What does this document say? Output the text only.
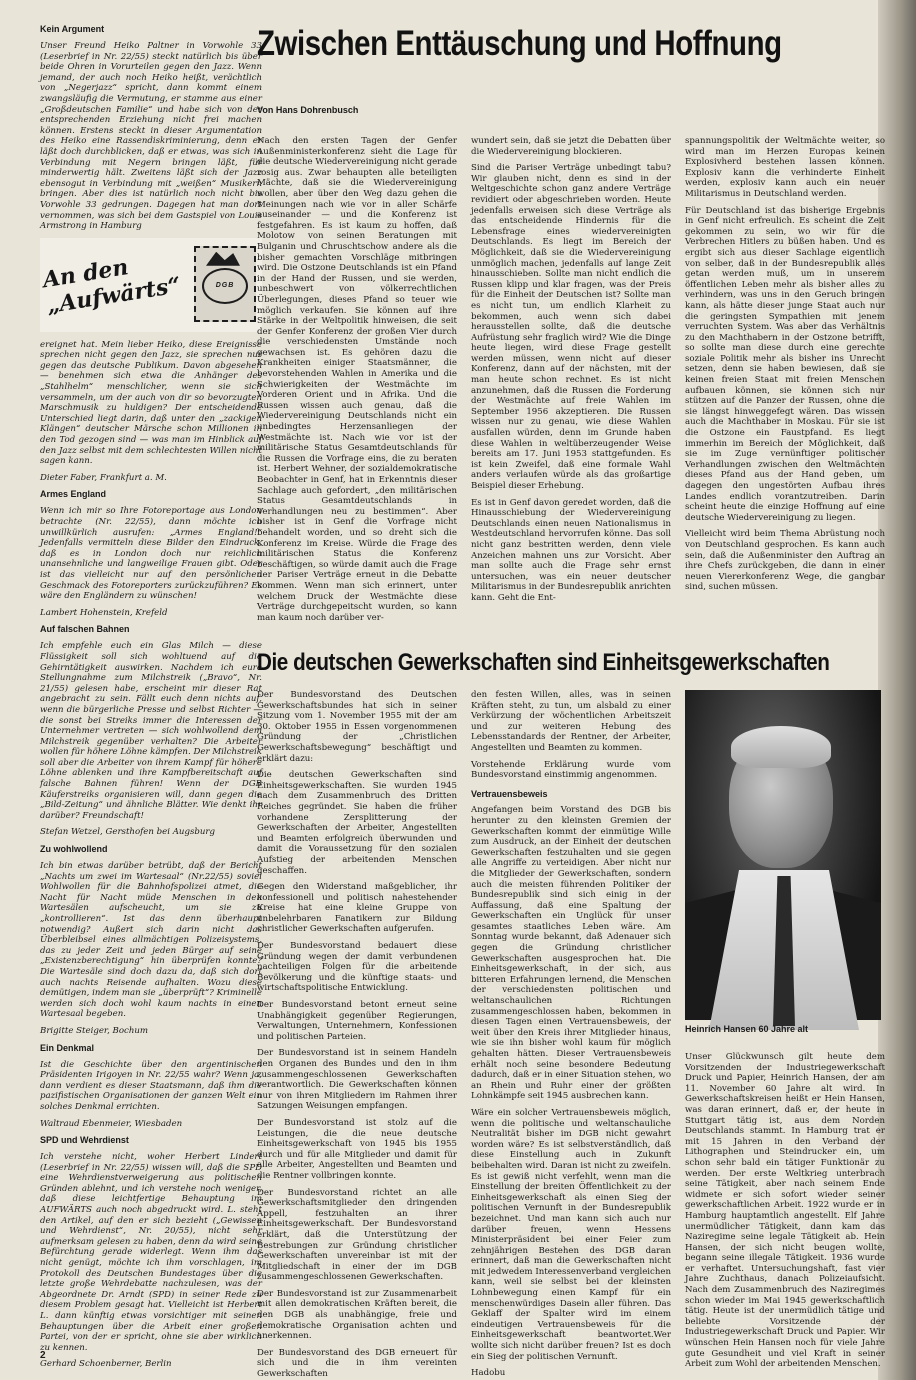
Kein Argument

Unser Freund Heiko Paltner in Vorwohle 33 (Leserbrief in Nr. 22/55) steckt natürlich bis über beide Ohren in Vorurteilen gegen den Jazz. Wenn jemand, der auch noch Heiko heißt, verächtlich von „Negerjazz“ spricht, dann kommt einem zwangsläufig die Vermutung, er stamme aus einer „Großdeutschen Familie“ und habe sich von der entsprechenden Erziehung nicht frei machen können. Erstens steckt in dieser Argumentation des Heiko eine Rassendiskriminierung, denn er läßt doch durchblicken, daß er etwas, was sich in Verbindung mit Negern bringen läßt, für minderwertig hält. Zweitens läßt sich der Jazz ebensogut in Verbindung mit „weißen“ Musikern bringen. Aber dies ist natürlich noch nicht bis Vorwohle 33 gedrungen. Dagegen hat man dort vernommen, was sich bei dem Gastspiel von Louis Armstrong in Hamburg

An den
„Aufwärts“	DGB

ereignet hat. Mein lieber Heiko, diese Ereignisse sprechen nicht gegen den Jazz, sie sprechen nur gegen das deutsche Publikum. Davon abgesehen — benehmen sich etwa die Anhänger des „Stahlhelm“ menschlicher, wenn sie sich versammeln, um der auch von dir so bevorzugten Marschmusik zu huldigen? Der entscheidende Unterschied liegt darin, daß unter den „zackigen Klängen“ deutscher Märsche schon Millionen in den Tod gezogen sind — was man im Hinblick auf den Jazz selbst mit dem schlechtesten Willen nicht sagen kann.

Dieter Faber, Frankfurt a. M.

Armes England

Wenn ich mir so Ihre Fotoreportage aus London betrachte (Nr. 22/55), dann möchte ich unwillkürlich ausrufen: „Armes England!“ Jedenfalls vermitteln diese Bilder den Eindruck, daß es in London doch nur reichlich unansehnliche und langweilige Frauen gibt. Oder ist das vielleicht nur auf den persönlichen Geschmack des Fotoreporters zurückzuführen? Es wäre den Engländern zu wünschen!

Lambert Hohenstein, Krefeld

Auf falschen Bahnen

Ich empfehle euch ein Glas Milch — diese Flüssigkeit soll sich wohltuend auf die Gehirntätigkeit auswirken. Nachdem ich eure Stellungnahme zum Milchstreik („Bravo“, Nr. 21/55) gelesen habe, erscheint mir dieser Rat angebracht zu sein. Fällt euch denn nichts auf, wenn die bürgerliche Presse und selbst Richter — die sonst bei Streiks immer die Interessen der Unternehmer vertreten — sich wohlwollend dem Milchstreik gegenüber verhalten? Die Arbeiter wollen für höhere Löhne kämpfen. Der Milchstreik soll aber die Arbeiter von ihrem Kampf für höhere Löhne ablenken und ihre Kampfbereitschaft auf falsche Bahnen führen! Wenn der DGB Käuferstreiks organisieren will, dann gegen die „Bild-Zeitung“ und ähnliche Blätter. Wie denkt ihr darüber? Freundschaft!

Stefan Wetzel, Gersthofen bei Augsburg

Zu wohlwollend

Ich bin etwas darüber betrübt, daß der Bericht „Nachts um zwei im Wartesaal“ (Nr.22/55) soviel Wohlwollen für die Bahnhofspolizei atmet, die Nacht für Nacht müde Menschen in den Wartesälen aufscheucht, um sie zu „kontrollieren“. Ist das denn überhaupt notwendig? Außert sich darin nicht das Überbleibsel eines allmächtigen Polizeisystems, das zu jeder Zeit und jeden Bürger auf seine „Existenzberechtigung“ hin überprüfen konnte? Die Wartesäle sind doch dazu da, daß sich dort auch nachts Reisende aufhalten. Wozu diese demütigen, indem man sie „überprüft“? Kriminelle werden sich doch wohl kaum nachts in einen Wartesaal begeben.

Brigitte Steiger, Bochum

Ein Denkmal

Ist die Geschichte über den argentinischen Präsidenten Irigoyen in Nr. 22/55 wahr? Wenn ja, dann verdient es dieser Staatsmann, daß ihm die pazifistischen Organisationen der ganzen Welt ein solches Denkmal errichten.

Waltraud Ebenmeier, Wiesbaden

SPD und Wehrdienst

Ich verstehe nicht, woher Herbert Lindert (Leserbrief in Nr. 22/55) wissen will, daß die SPD eine Wehrdienstverweigerung aus politischen Gründen ablehnt, und ich verstehe noch weniger, daß diese leichtfertige Behauptung im AUFWÄRTS auch noch abgedruckt wird. L. steht den Artikel, auf den er sich bezieht („Gewissen und Wehrdienst“, Nr. 20/55), nicht sehr aufmerksam gelesen zu haben, denn da wird seine Befürchtung gerade widerlegt. Wenn ihm das nicht genügt, möchte ich ihm vorschlagen, im Protokoll des Deutschen Bundestages über die letzte große Wehrdebatte nachzulesen, was der Abgeordnete Dr. Arndt (SPD) in seiner Rede zu diesem Problem gesagt hat. Vielleicht ist Herbert L. dann künftig etwas vorsichtiger mit seinen Behauptungen über die Arbeit einer großen Partei, von der er spricht, ohne sie aber wirklich zu kennen.

Gerhard Schoenberner, Berlin

Zwischen Enttäuschung und Hoffnung
Von Hans Dohrenbusch

Nach den ersten Tagen der Genfer Außenministerkonferenz sieht die Lage für die deutsche Wiedervereinigung nicht gerade rosig aus. Zwar behaupten alle beteiligten Mächte, daß sie die Wiedervereinigung wollen, aber über den Weg dazu gehen die Meinungen nach wie vor in aller Schärfe auseinander — und die Konferenz ist festgefahren. Es ist kaum zu hoffen, daß Molotow von seinen Beratungen mit Bulganin und Chruschtschow andere als die bisher gemachten Vorschläge mitbringen wird. Die Ostzone Deutschlands ist ein Pfand in der Hand der Russen, und sie werden, unbeschwert von völkerrechtlichen Überlegungen, dieses Pfand so teuer wie möglich verkaufen. Sie können auf ihre Stärke in der Weltpolitik hinweisen, die seit der Genfer Konferenz der großen Vier durch die verschiedensten Umstände noch gewachsen ist. Es gehören dazu die Krankheiten einiger Staatsmänner, die bevorstehenden Wahlen in Amerika und die Schwierigkeiten der Westmächte im Vorderen Orient und in Afrika. Und die Russen wissen auch genau, daß die Wiedervereinigung Deutschlands nicht ein unbedingtes Herzensanliegen der Westmächte ist. Nach wie vor ist der militärische Status Gesamtdeutschlands für die Russen die Vorfrage eins, die zu beraten ist. Herbert Wehner, der sozialdemokratische Beobachter in Genf, hat in Erkenntnis dieser Sachlage auch gefordert, „den militärischen Status Gesamtdeutschlands in Verhandlungen neu zu bestimmen“. Aber bisher ist in Genf die Vorfrage nicht behandelt worden, und so dreht sich die Konferenz im Kreise. Würde die Frage des militärischen Status die Konferenz beschäftigen, so würde damit auch die Frage der Pariser Verträge erneut in die Debatte kommen. Wenn man sich erinnert, unter welchem Druck der Westmächte diese Verträge durchgepeitscht wurden, so kann man kaum noch darüber ver-

wundert sein, daß sie jetzt die Debatten über die Wiedervereinigung blockieren.

Sind die Pariser Verträge unbedingt tabu? Wir glauben nicht, denn es sind in der Weltgeschichte schon ganz andere Verträge revidiert oder abgeschrieben worden. Heute jedenfalls erweisen sich diese Verträge als das entscheidende Hindernis für die Lebensfrage eines wiedervereinigten Deutschlands. Es liegt im Bereich der Möglichkeit, daß sie die Wiedervereinigung unmöglich machen, jedenfalls auf lange Zeit hinausschieben. Sollte man nicht endlich die Russen klipp und klar fragen, was der Preis für die Einheit der Deutschen ist? Sollte man es nicht tun, um endlich Klarheit zu bekommen, auch wenn sich dabei herausstellen sollte, daß die deutsche Aufrüstung sehr fraglich wird? Wie die Dinge heute liegen, wird diese Frage gestellt werden müssen, wenn nicht auf dieser Konferenz, dann auf der nächsten, mit der man heute schon rechnet. Es ist nicht anzunehmen, daß die Russen die Forderung der Westmächte auf freie Wahlen im September 1956 akzeptieren. Die Russen wissen nur zu genau, wie diese Wahlen ausfallen würden, denn im Grunde haben diese Wahlen in weltüberzeugender Weise bereits am 17. Juni 1953 stattgefunden. Es ist kein Zweifel, daß eine formale Wahl anders verlaufen würde als das großartige Beispiel dieser Erhebung.

Es ist in Genf davon geredet worden, daß die Hinausschiebung der Wiedervereinigung Deutschlands einen neuen Nationalismus in Westdeutschland hervorrufen könne. Das soll nicht ganz bestritten werden, denn viele Anzeichen mahnen uns zur Vorsicht. Aber man sollte auch die Frage sehr ernst untersuchen, was ein neuer deutscher Militarismus in der Bundesrepublik anrichten kann. Geht die Ent-

spannungspolitik der Weltmächte weiter, so wird man im Herzen Europas keinen Explosivherd bestehen lassen können. Explosiv kann die verhinderte Einheit werden, explosiv kann auch ein neuer Militarismus in Deutschland werden.

Für Deutschland ist das bisherige Ergebnis in Genf nicht erfreulich. Es scheint die Zeit gekommen zu sein, wo wir für die Verbrechen Hitlers zu büßen haben. Und es ergibt sich aus dieser Sachlage eigentlich von selber, daß in der Bundesrepublik alles getan werden muß, um in unserem öffentlichen Leben mehr als bisher alles zu verhindern, was uns in den Geruch bringen kann, als hätte dieser junge Staat auch nur die geringsten Sympathien mit jenem verruchten System. Was aber das Verhältnis zu den Machthabern in der Ostzone betrifft, so sollte man diese durch eine gerechte soziale Politik mehr als bisher ins Unrecht setzen, denn sie haben bewiesen, daß sie keinen freien Staat mit freien Menschen aufbauen können, sie können sich nur stützen auf die Panzer der Russen, ohne die sie längst hinweggefegt wären. Das wissen auch die Machthaber in Moskau. Für sie ist die Ostzone ein Faustpfand. Es liegt immerhin im Bereich der Möglichkeit, daß sie im Zuge vernünftiger politischer Verhandlungen zwischen den Weltmächten dieses Pfand aus der Hand geben, um dagegen den ungestörten Aufbau ihres Landes endlich vorantzutreiben. Darin scheint heute die einzige Hoffnung auf eine deutsche Wiedervereinigung zu liegen.

Vielleicht wird beim Thema Abrüstung noch von Deutschland gesprochen. Es kann auch sein, daß die Außenminister den Auftrag an ihre Chefs zurückgeben, die dann in einer neuen Viererkonferenz Wege, die gangbar sind, suchen müssen.

Die deutschen Gewerkschaften sind Einheitsgewerkschaften

Der Bundesvorstand des Deutschen Gewerkschaftsbundes hat sich in seiner Sitzung vom 1. November 1955 mit der am 30. Oktober 1955 in Essen vorgenommenen Gründung der „Christlichen Gewerkschaftsbewegung“ beschäftigt und erklärt dazu:

Die deutschen Gewerkschaften sind Einheitsgewerkschaften. Sie wurden 1945 nach dem Zusammenbruch des Dritten Reiches gegründet. Sie haben die früher vorhandene Zersplitterung der Gewerkschaften der Arbeiter, Angestellten und Beamten erfolgreich überwunden und damit die Voraussetzung für den sozialen Aufstieg der arbeitenden Menschen geschaffen.

Gegen den Widerstand maßgeblicher, ihr konfessionell und politisch nahestehender Kreise hat eine kleine Gruppe von unbelehrbaren Fanatikern zur Bildung christlicher Gewerkschaften aufgerufen.

Der Bundesvorstand bedauert diese Gründung wegen der damit verbundenen nachteiligen Folgen für die arbeitende Bevölkerung und die künftige staats- und wirtschaftspolitische Entwicklung.

Der Bundesvorstand betont erneut seine Unabhängigkeit gegenüber Regierungen, Verwaltungen, Unternehmern, Konfessionen und politischen Parteien.

Der Bundesvorstand ist in seinem Handeln den Organen des Bundes und den in ihm zusammengeschlossenen Gewerkschaften verantwortlich. Die Gewerkschaften können nur von ihren Mitgliedern im Rahmen ihrer Satzungen Weisungen empfangen.

Der Bundesvorstand ist stolz auf die Leistungen, die die neue deutsche Einheitsgewerkschaft von 1945 bis 1955 durch und für alle Mitglieder und damit für alle Arbeiter, Angestellten und Beamten und die Rentner vollbringen konnte.

Der Bundesvorstand richtet an alle Gewerkschaftsmitglieder den dringenden Appell, festzuhalten an ihrer Einheitsgewerkschaft. Der Bundesvorstand erklärt, daß die Unterstützung der Bestrebungen zur Gründung christlicher Gewerkschaften unvereinbar ist mit der Mitgliedschaft in einer der im DGB zusammengeschlossenen Gewerkschaften.

Der Bundesvorstand ist zur Zusammenarbeit mit allen demokratischen Kräften bereit, die den DGB als unabhängige, freie und demokratische Organisation achten und anerkennen.

Der Bundesvorstand des DGB erneuert für sich und die in ihm vereinten Gewerkschaften

den festen Willen, alles, was in seinen Kräften steht, zu tun, um alsbald zu einer Verkürzung der wöchentlichen Arbeitszeit und zur weiteren Hebung des Lebensstandards der Rentner, der Arbeiter, Angestellten und Beamten zu kommen.

Vorstehende Erklärung wurde vom Bundesvorstand einstimmig angenommen.

Vertrauensbeweis

Angefangen beim Vorstand des DGB bis herunter zu den kleinsten Gremien der Gewerkschaften kommt der einmütige Wille zum Ausdruck, an der Einheit der deutschen Gewerkschaften festzuhalten und sie gegen alle Angriffe zu verteidigen. Aber nicht nur die Mitglieder der Gewerkschaften, sondern auch die meisten führenden Politiker der Bundesrepublik sind sich einig in der Auffassung, daß eine Spaltung der Gewerkschaften ein Unglück für unser gesamtes staatliches Leben wäre. Am Sonntag wurde bekannt, daß Adenauer sich gegen die Gründung christlicher Gewerkschaften ausgesprochen hat. Die Einheitsgewerkschaft, in der sich, aus bitteren Erfahrungen lernend, die Menschen der verschiedensten politischen und weltanschaulichen Richtungen zusammengeschlossen haben, bekommen in diesen Tagen einen Vertrauensbeweis, der weit über den Kreis ihrer Mitglieder hinaus, wie sie ihn bisher wohl kaum für möglich gehalten hätten. Dieser Vertrauensbeweis erhält noch seine besondere Bedeutung dadurch, daß er in einer Situation stehen, wo an Rhein und Ruhr einer der größten Lohnkämpfe seit 1945 ausbrechen kann.

Wäre ein solcher Vertrauensbeweis möglich, wenn die politische und weltanschauliche Neutralität bisher im DGB nicht gewahrt worden wäre? Es ist selbstverständlich, daß diese Einstellung auch in Zukunft beibehalten wird. Daran ist nicht zu zweifeln. Es ist gewiß nicht verfehlt, wenn man die Einstellung der breiten Öffentlichkeit zu der Einheitsgewerkschaft als einen Sieg der politischen Vernunft in der Bundesrepublik bezeichnet. Und man kann sich auch nur darüber freuen, wenn Hessens Ministerpräsident bei einer Feier zum zehnjährigen Bestehen des DGB daran erinnert, daß man die Gewerkschaften nicht mit jedwedem Interessenverband vergleichen kann, weil sie selbst bei der kleinsten Lohnbewegung einen Kampf für ein menschenwürdiges Dasein aller führen. Das Geklaff der Spalter wird im einem eindeutigen Vertrauensbeweis für die Einheitsgewerkschaft beantwortet.Wer wollte sich nicht darüber freuen? Ist es doch ein Sieg der politischen Vernunft.

Hadobu

Heinrich Hansen 60 Jahre alt

Unser Glückwunsch gilt heute dem Vorsitzenden der Industriegewerkschaft Druck und Papier, Heinrich Hansen, der am 11. November 60 Jahre alt wird. In Gewerkschaftskreisen heißt er Hein Hansen, was daran erinnert, daß er, der heute in Stuttgart tätig ist, aus dem Norden Deutschlands stammt. In Hamburg trat er mit 15 Jahren in den Verband der Lithographen und Steindrucker ein, um schon sehr bald ein tätiger Funktionär zu werden. Der erste Weltkrieg unterbrach seine Tätigkeit, aber nach seinem Ende widmete er sich sofort wieder seiner gewerkschaftlichen Arbeit. 1922 wurde er in Hamburg hauptamtlich angestellt. Elf Jahre unermüdlicher Tätigkeit, dann kam das Naziregime seine legale Tätigkeit ab. Hein Hansen, der sich nicht beugen wollte, begann seine illegale Tätigkeit. 1936 wurde er verhaftet. Untersuchungshaft, fast vier Jahre Zuchthaus, danach Polizeiaufsicht. Nach dem Zusammenbruch des Naziregimes schon wieder im Mai 1945 gewerkschaftlich tätig. Heute ist der unermüdlich tätige und beliebte Vorsitzende der Industriegewerkschaft Druck und Papier. Wir wünschen Hein Hansen noch für viele Jahre gute Gesundheit und viel Kraft in seiner Arbeit zum Wohl der arbeitenden Menschen.

2
